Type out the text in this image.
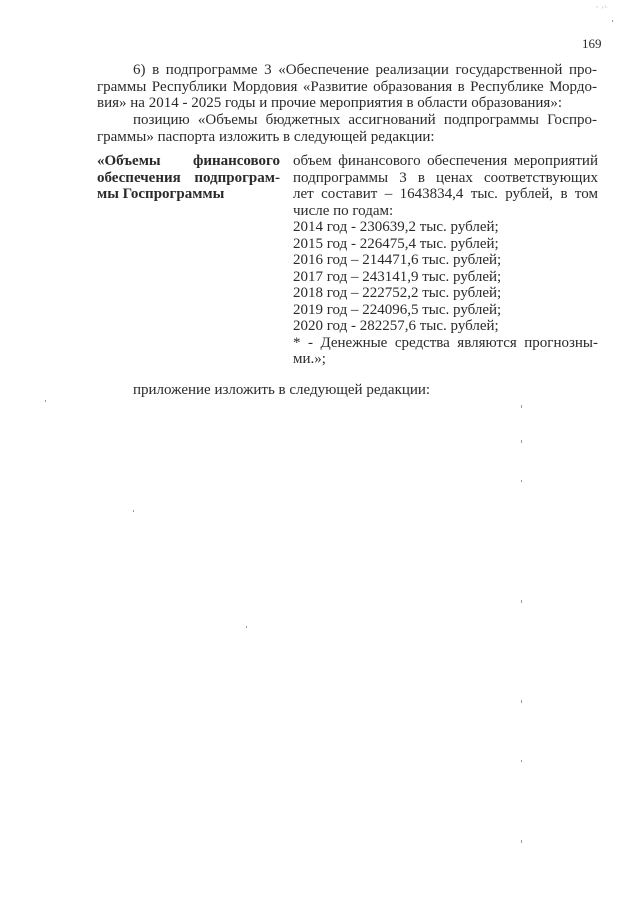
ᵛ ʸᴸ
169
6) в подпрограмме 3 «Обеспечение реализации государственной про-
граммы Республики Мордовия «Развитие образования в Республике Мордо-
вия» на 2014 - 2025 годы и прочие мероприятия в области образования»:
позицию «Объемы бюджетных ассигнований подпрограммы Госпро-
граммы» паспорта изложить в следующей редакции:
«Объемы финансового
обеспечения подпрограм-
мы Госпрограммы
объем финансового обеспечения мероприятий
подпрограммы 3 в ценах соответствующих
лет составит – 1643834,4 тыс. рублей, в том
числе по годам:
2014 год - 230639,2 тыс. рублей;
2015 год - 226475,4 тыс. рублей;
2016 год – 214471,6 тыс. рублей;
2017 год – 243141,9 тыс. рублей;
2018 год – 222752,2 тыс. рублей;
2019 год – 224096,5 тыс. рублей;
2020 год - 282257,6 тыс. рублей;
* - Денежные средства являются прогнозны-
ми.»;
приложение изложить в следующей редакции:
